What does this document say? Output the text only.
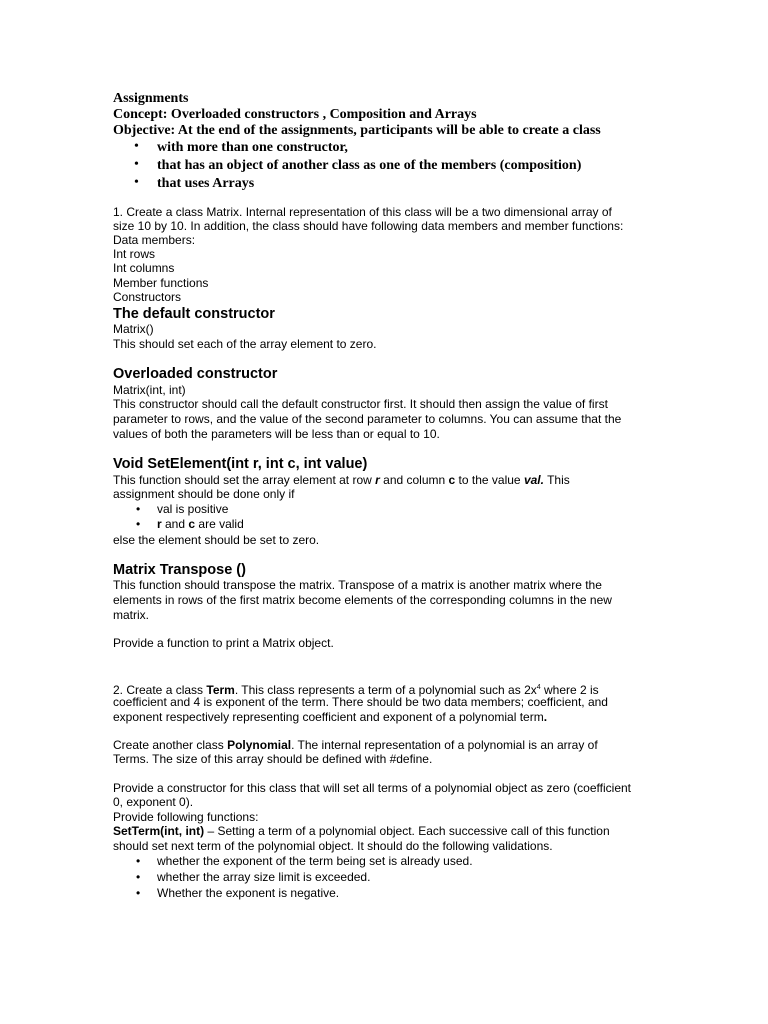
Assignments
Concept: Overloaded constructors , Composition and Arrays
Objective: At the end of the assignments, participants will be able to create a class
• with more than one constructor,
• that has an object of another class as one of the members (composition)
• that uses Arrays
1. Create a class Matrix. Internal representation of this class will be a two dimensional array of
size 10 by 10. In addition, the class should have following data members and member functions:
Data members:
Int rows
Int columns
Member functions
Constructors
The default constructor
Matrix()
This should set each of the array element to zero.
Overloaded constructor
Matrix(int, int)
This constructor should call the default constructor first. It should then assign the value of first
parameter to rows, and the value of the second parameter to columns. You can assume that the
values of both the parameters will be less than or equal to 10.
Void SetElement(int r, int c, int value)
This function should set the array element at row r and column c to the value val. This
assignment should be done only if
• val is positive
• r and c are valid
else the element should be set to zero.
Matrix Transpose ()
This function should transpose the matrix. Transpose of a matrix is another matrix where the
elements in rows of the first matrix become elements of the corresponding columns in the new
matrix.
Provide a function to print a Matrix object.
2. Create a class Term. This class represents a term of a polynomial such as $2x^4$ where 2 is
coefficient and 4 is exponent of the term. There should be two data members; coefficient, and
exponent respectively representing coefficient and exponent of a polynomial term.
Create another class Polynomial. The internal representation of a polynomial is an array of
Terms. The size of this array should be defined with #define.
Provide a constructor for this class that will set all terms of a polynomial object as zero (coefficient
0, exponent 0).
Provide following functions:
SetTerm(int, int) – Setting a term of a polynomial object. Each successive call of this function
should set next term of the polynomial object. It should do the following validations.
• whether the exponent of the term being set is already used.
• whether the array size limit is exceeded.
• Whether the exponent is negative.
